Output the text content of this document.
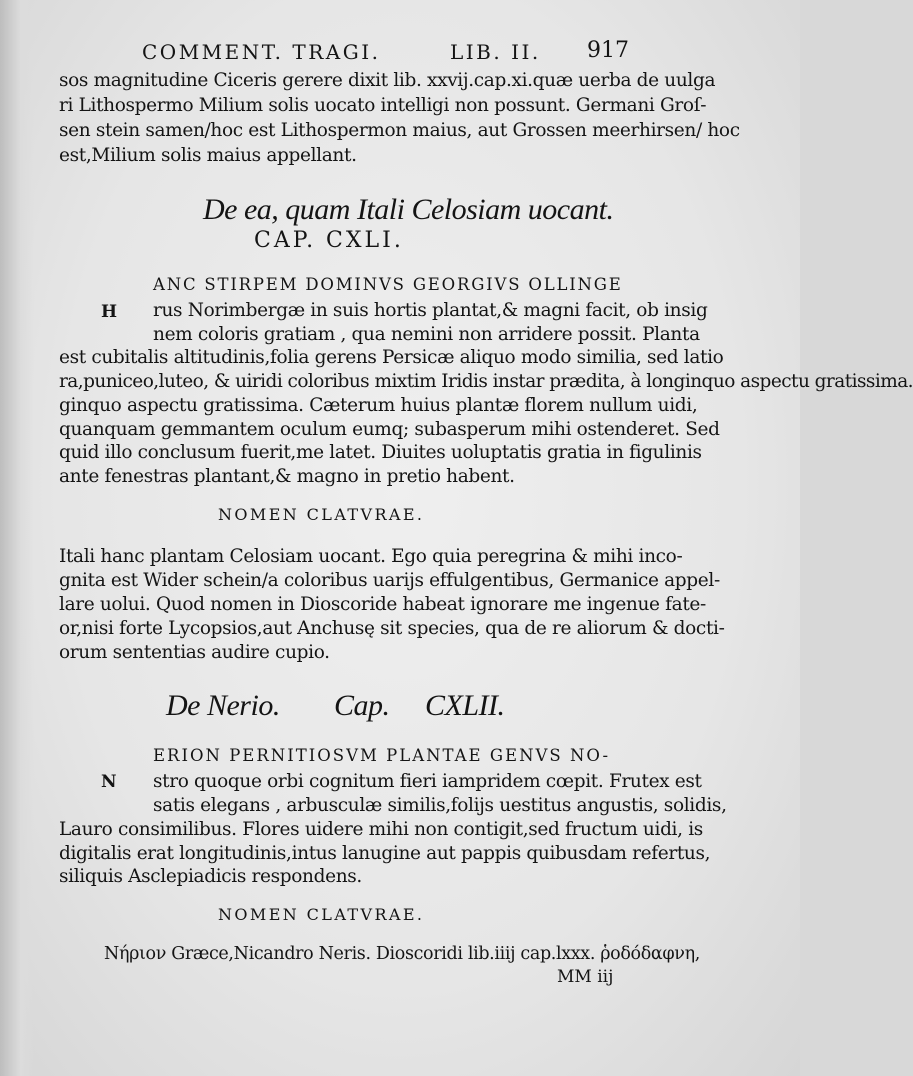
COMMENT. TRAGI.	LIB. II. 917
sos magnitudine Ciceris gerere dixit lib. xxvij.cap.xi.quæ uerba de uulga
ri Lithospermo Milium solis uocato intelligi non possunt. Germani Groſ-
sen stein samen/hoc est Lithospermon maius, aut Grossen meerhirsen/ hoc
est,Milium solis maius appellant.
De ea, quam Itali Celosiam uocant.
CAP. CXLI.
H
ANC STIRPEM DOMINVS GEORGIVS OLLINGE
rus Norimbergæ in suis hortis plantat,& magni facit, ob insig
nem coloris gratiam , qua nemini non arridere possit. Planta
est cubitalis altitudinis,folia gerens Persicæ aliquo modo similia, sed latio
ra,puniceo,luteo, & uiridi coloribus mixtim Iridis instar prædita, à longinquo aspectu gratissima.
ginquo aspectu gratissima. Cæterum huius plantæ florem nullum uidi,
quanquam gemmantem oculum eumq; subasperum mihi ostenderet. Sed
quid illo conclusum fuerit,me latet. Diuites uoluptatis gratia in figulinis
ante fenestras plantant,& magno in pretio habent.
NOMEN CLATVRAE.
Itali hanc plantam Celosiam uocant. Ego quia peregrina & mihi inco-
gnita est Wider schein/a coloribus uarijs effulgentibus, Germanice appel-
lare uolui. Quod nomen in Dioscoride habeat ignorare me ingenue fate-
or,nisi forte Lycopsios,aut Anchusę sit species, qua de re aliorum & docti-
orum sententias audire cupio.
De Nerio. Cap. CXLII.
N
ERION PERNITIOSVM PLANTAE GENVS NO-
stro quoque orbi cognitum fieri iampridem cœpit. Frutex est
satis elegans , arbusculæ similis,folijs uestitus angustis, solidis,
Lauro consimilibus. Flores uidere mihi non contigit,sed fructum uidi, is
digitalis erat longitudinis,intus lanugine aut pappis quibusdam refertus,
siliquis Asclepiadicis respondens.
NOMEN CLATVRAE.
Νήριον Græce,Nicandro Neris. Dioscoridi lib.iiij cap.lxxx. ῥοδόδαφνη,
MM iij
